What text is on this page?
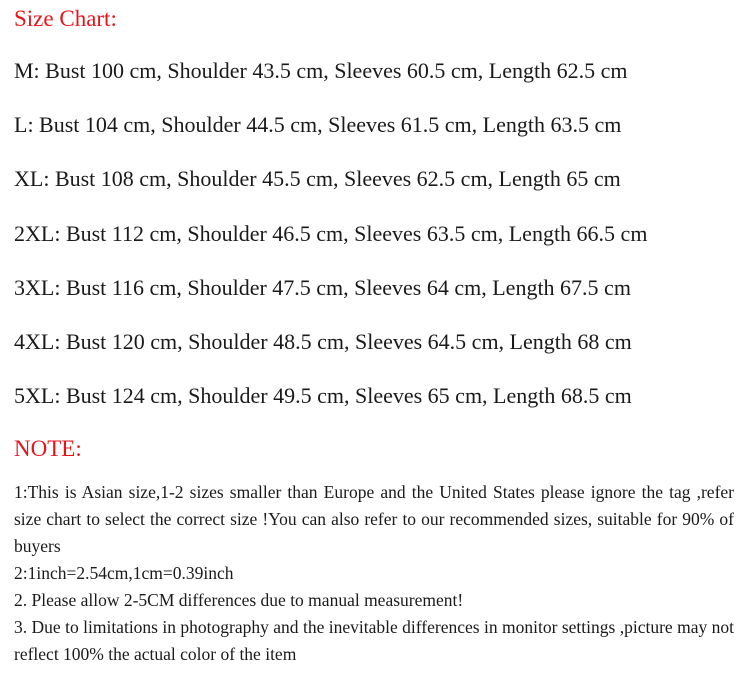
Size Chart:
M: Bust 100 cm, Shoulder 43.5 cm, Sleeves 60.5 cm, Length 62.5 cm
L: Bust 104 cm, Shoulder 44.5 cm, Sleeves 61.5 cm, Length 63.5 cm
XL: Bust 108 cm, Shoulder 45.5 cm, Sleeves 62.5 cm, Length 65 cm
2XL: Bust 112 cm, Shoulder 46.5 cm, Sleeves 63.5 cm, Length 66.5 cm
3XL: Bust 116 cm, Shoulder 47.5 cm, Sleeves 64 cm, Length 67.5 cm
4XL: Bust 120 cm, Shoulder 48.5 cm, Sleeves 64.5 cm, Length 68 cm
5XL: Bust 124 cm, Shoulder 49.5 cm, Sleeves 65 cm, Length 68.5 cm
NOTE:
1:This is Asian size,1-2 sizes smaller than Europe and the United States please ignore the tag ,refer size chart to select the correct size !You can also refer to our recommended sizes, suitable for 90% of buyers
2:1inch=2.54cm,1cm=0.39inch
2. Please allow 2-5CM differences due to manual measurement!
3. Due to limitations in photography and the inevitable differences in monitor settings ,picture may not reflect 100% the actual color of the item
